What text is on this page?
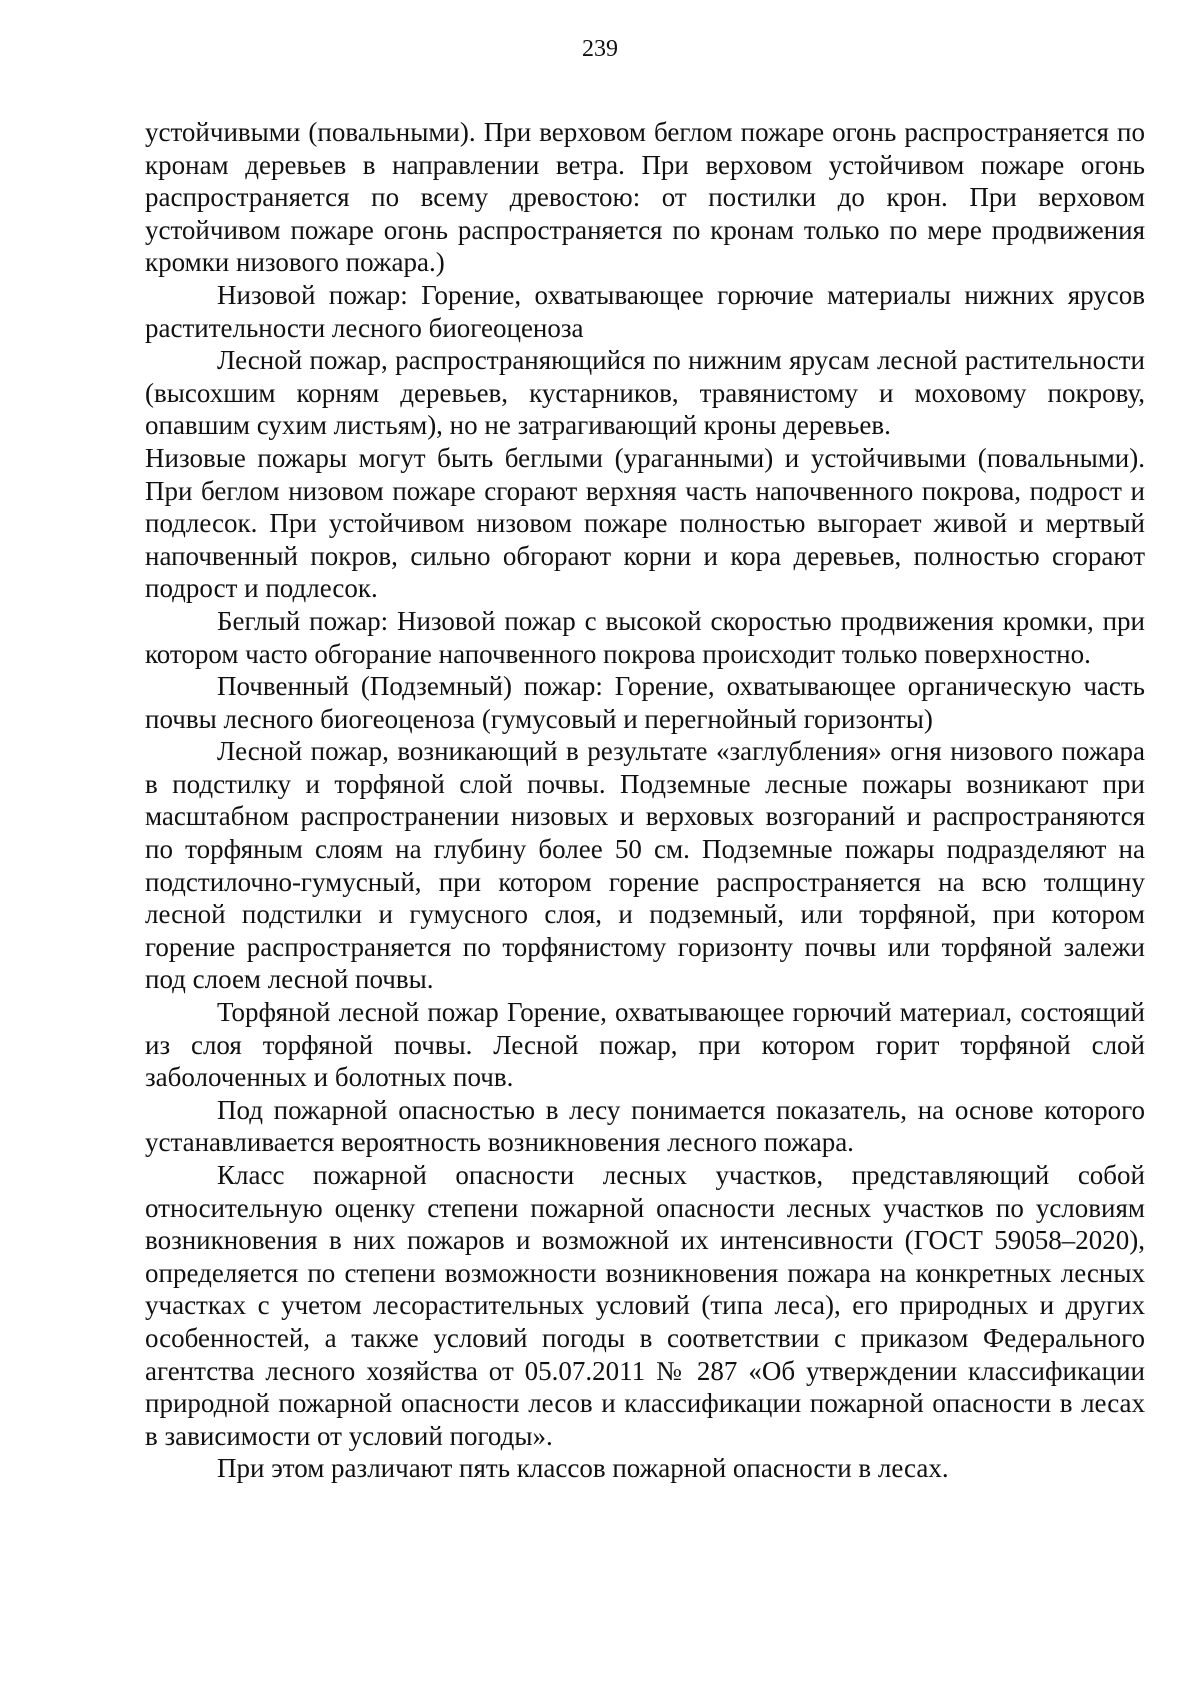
239

устойчивыми (повальными). При верховом беглом пожаре огонь распространяется по кронам деревьев в направлении ветра. При верховом устойчивом пожаре огонь распространяется по всему древостою: от постилки до крон. При верховом устойчивом пожаре огонь распространяется по кронам только по мере продвижения кромки низового пожара.)

Низовой пожар: Горение, охватывающее горючие материалы нижних ярусов растительности лесного биогеоценоза

Лесной пожар, распространяющийся по нижним ярусам лесной растительности (высохшим корням деревьев, кустарников, травянистому и моховому покрову, опавшим сухим листьям), но не затрагивающий кроны деревьев.

Низовые пожары могут быть беглыми (ураганными) и устойчивыми (повальными). При беглом низовом пожаре сгорают верхняя часть напочвенного покрова, подрост и подлесок. При устойчивом низовом пожаре полностью выгорает живой и мертвый напочвенный покров, сильно обгорают корни и кора деревьев, полностью сгорают подрост и подлесок.

Беглый пожар: Низовой пожар с высокой скоростью продвижения кромки, при котором часто обгорание напочвенного покрова происходит только поверхностно.

Почвенный (Подземный) пожар: Горение, охватывающее органическую часть почвы лесного биогеоценоза (гумусовый и перегнойный горизонты)

Лесной пожар, возникающий в результате «заглубления» огня низового пожара в подстилку и торфяной слой почвы. Подземные лесные пожары возникают при масштабном распространении низовых и верховых возгораний и распространяются по торфяным слоям на глубину более 50 см. Подземные пожары подразделяют на подстилочно-гумусный, при котором горение распространяется на всю толщину лесной подстилки и гумусного слоя, и подземный, или торфяной, при котором горение распространяется по торфянистому горизонту почвы или торфяной залежи под слоем лесной почвы.

Торфяной лесной пожар Горение, охватывающее горючий материал, состоящий из слоя торфяной почвы. Лесной пожар, при котором горит торфяной слой заболоченных и болотных почв.

Под пожарной опасностью в лесу понимается показатель, на основе которого устанавливается вероятность возникновения лесного пожара.

Класс пожарной опасности лесных участков, представляющий собой относительную оценку степени пожарной опасности лесных участков по условиям возникновения в них пожаров и возможной их интенсивности (ГОСТ 59058–2020), определяется по степени возможности возникновения пожара на конкретных лесных участках с учетом лесорастительных условий (типа леса), его природных и других особенностей, а также условий погоды в соответствии с приказом Федерального агентства лесного хозяйства от 05.07.2011 № 287 «Об утверждении классификации природной пожарной опасности лесов и классификации пожарной опасности в лесах в зависимости от условий погоды».

При этом различают пять классов пожарной опасности в лесах.
